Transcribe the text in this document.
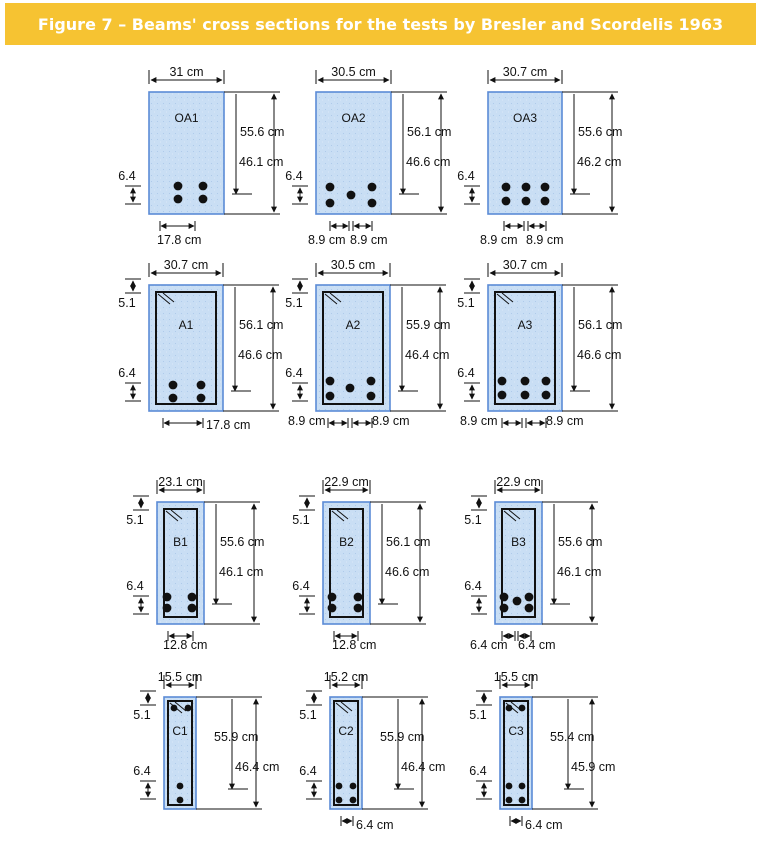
Figure 7 – Beams' cross sections for the tests by Bresler and Scordelis 1963
OA1
31 cm
55.6 cm
46.1 cm
6.4
17.8 cm
OA2
30.5 cm
56.1 cm
46.6 cm
6.4
8.9 cm 8.9 cm
OA3
30.7 cm
55.6 cm
46.2 cm
6.4
8.9 cm 8.9 cm
A1
30.7 cm
56.1 cm
46.6 cm
6.4
5.1
17.8 cm
A2
30.5 cm
55.9 cm
46.4 cm
6.4
5.1
8.9 cm	8.9 cm
A3
30.7 cm
56.1 cm
46.6 cm
6.4
5.1
8.9 cm	8.9 cm
B1
23.1 cm
55.6 cm
46.1 cm
6.4
5.1
12.8 cm
B2
22.9 cm
56.1 cm
46.6 cm
6.4
5.1
12.8 cm
B3
22.9 cm
55.6 cm
46.1 cm
6.4
5.1
6.4 cm 6.4 cm
C1
15.5 cm
55.9 cm
46.4 cm
6.4
5.1
C2
15.2 cm
55.9 cm
46.4 cm
6.4
5.1
6.4 cm
C3
15.5 cm
55.4 cm
45.9 cm
6.4
5.1
6.4 cm
